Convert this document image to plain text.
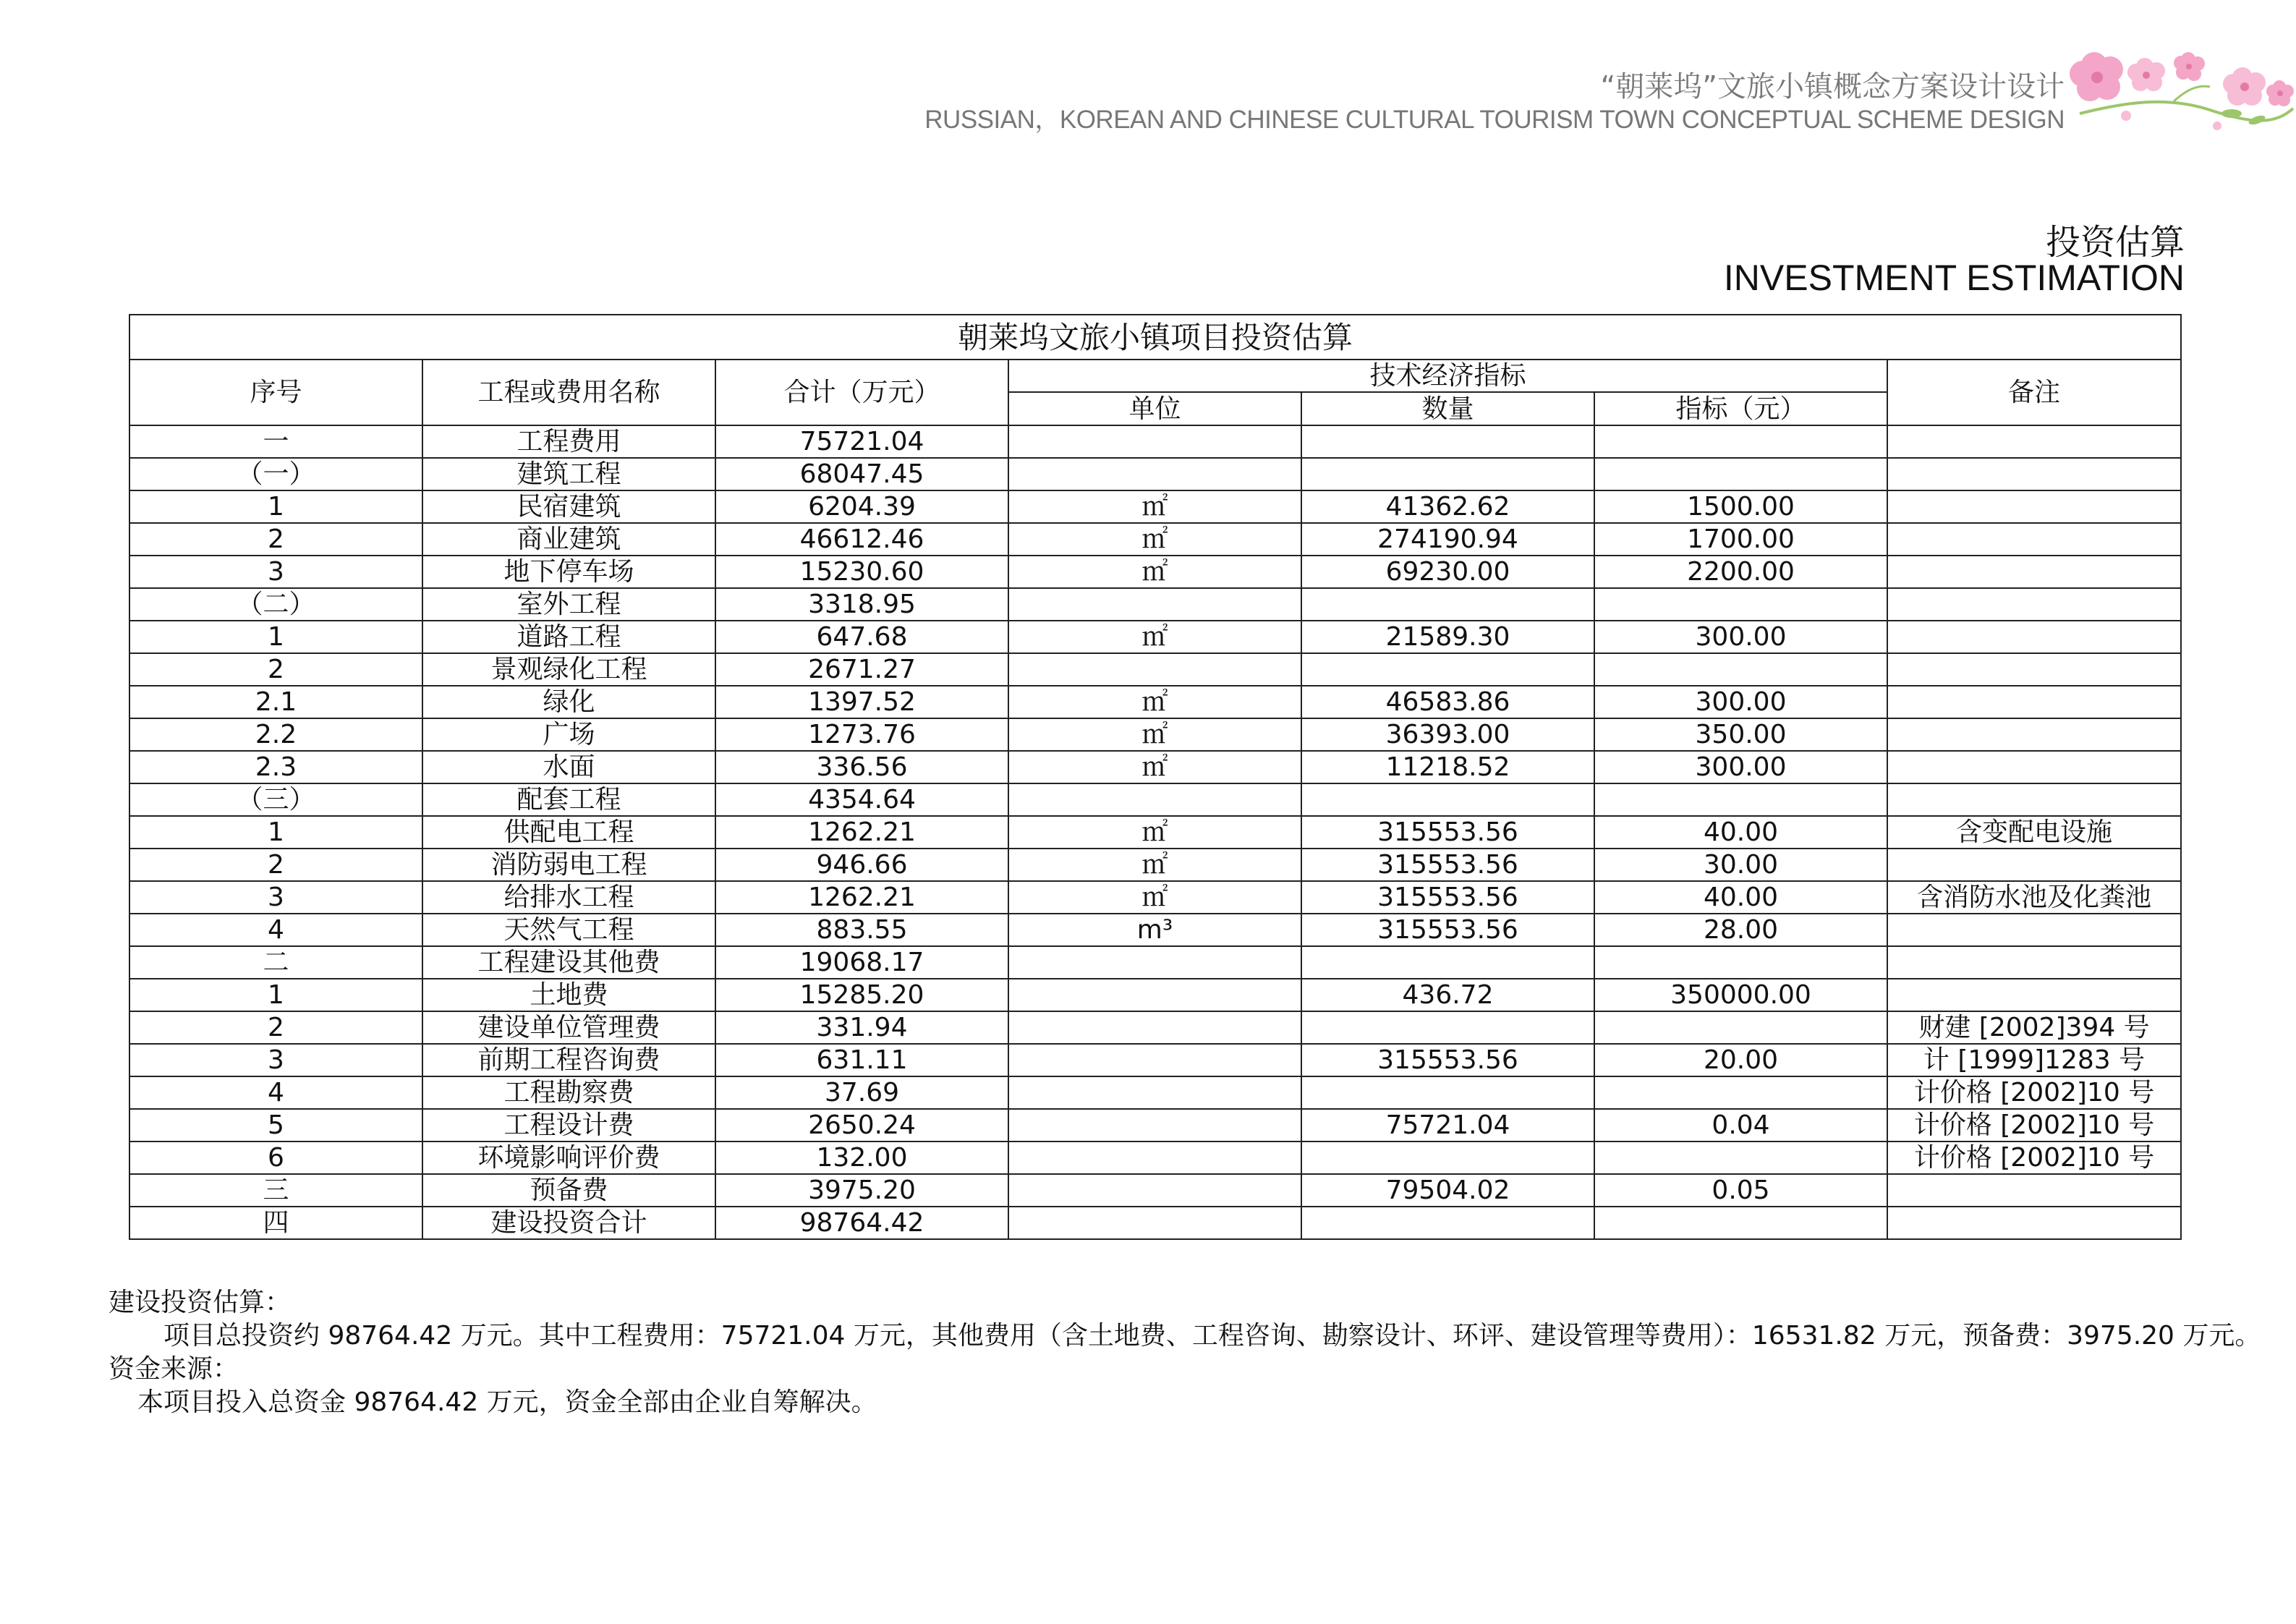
“朝莱坞”文旅小镇概念方案设计设计
RUSSIAN，KOREAN AND CHINESE CULTURAL TOURISM TOWN CONCEPTUAL SCHEME DESIGN
投资估算
INVESTMENT ESTIMATION
朝莱坞文旅小镇项目投资估算						
序号	工程或费用名称	合计（万元）	技术经济指标			备注
			单位	数量	指标（元）	
一	工程费用	75721.04				
（一）	建筑工程	68047.45				
1	民宿建筑	6204.39	㎡	41362.62	1500.00	
2	商业建筑	46612.46	㎡	274190.94	1700.00	
3	地下停车场	15230.60	㎡	69230.00	2200.00	
（二）	室外工程	3318.95				
1	道路工程	647.68	㎡	21589.30	300.00	
2	景观绿化工程	2671.27				
2.1	绿化	1397.52	㎡	46583.86	300.00	
2.2	广场	1273.76	㎡	36393.00	350.00	
2.3	水面	336.56	㎡	11218.52	300.00	
（三）	配套工程	4354.64				
1	供配电工程	1262.21	㎡	315553.56	40.00	含变配电设施
2	消防弱电工程	946.66	㎡	315553.56	30.00	
3	给排水工程	1262.21	㎡	315553.56	40.00	含消防水池及化粪池
4	天然气工程	883.55	m³	315553.56	28.00	
二	工程建设其他费	19068.17				
1	土地费	15285.20		436.72	350000.00	
2	建设单位管理费	331.94				财建 [2002]394 号
3	前期工程咨询费	631.11		315553.56	20.00	计 [1999]1283 号
4	工程勘察费	37.69				计价格 [2002]10 号
5	工程设计费	2650.24		75721.04	0.04	计价格 [2002]10 号
6	环境影响评价费	132.00				计价格 [2002]10 号
三	预备费	3975.20		79504.02	0.05	
四	建设投资合计	98764.42				
建设投资估算：
项目总投资约 98764.42 万元。其中工程费用：75721.04 万元，其他费用（含土地费、工程咨询、勘察设计、环评、建设管理等费用）：16531.82 万元，预备费：3975.20 万元。
资金来源：
本项目投入总资金 98764.42 万元，资金全部由企业自筹解决。
